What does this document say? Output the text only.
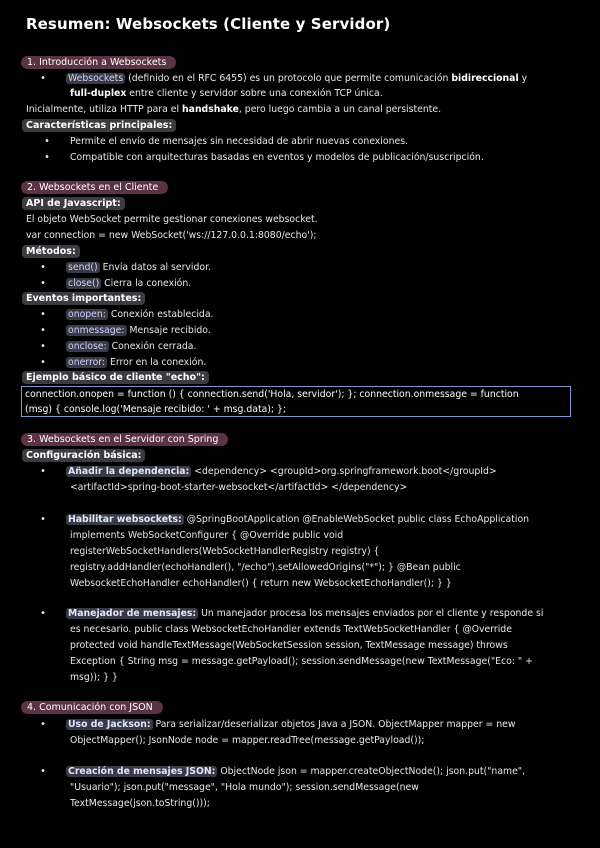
Resumen: Websockets (Cliente y Servidor)
1. Introducción a Websockets
• Websockets (definido en el RFC 6455) es un protocolo que permite comunicación bidireccional y
full-duplex entre cliente y servidor sobre una conexión TCP única.
Inicialmente, utiliza HTTP para el handshake, pero luego cambia a un canal persistente.
Características principales:
• Permite el envío de mensajes sin necesidad de abrir nuevas conexiones.
• Compatible con arquitecturas basadas en eventos y modelos de publicación/suscripción.
2. Websockets en el Cliente
API de Javascript:
El objeto WebSocket permite gestionar conexiones websocket.
var connection = new WebSocket('ws://127.0.0.1:8080/echo');
Métodos:
• send() Envía datos al servidor.
• close() Cierra la conexión.
Eventos importantes:
• onopen: Conexión establecida.
• onmessage: Mensaje recibido.
• onclose: Conexión cerrada.
• onerror: Error en la conexión.
Ejemplo básico de cliente "echo":
connection.onopen = function () { connection.send('Hola, servidor'); }; connection.onmessage = function
(msg) { console.log('Mensaje recibido: ' + msg.data); };
3. Websockets en el Servidor con Spring
Configuración básica:
• Añadir la dependencia: <dependency> <groupId>org.springframework.boot</groupId>
<artifactId>spring-boot-starter-websocket</artifactId> </dependency>
• Habilitar websockets: @SpringBootApplication @EnableWebSocket public class EchoApplication
implements WebSocketConfigurer { @Override public void
registerWebSocketHandlers(WebSocketHandlerRegistry registry) {
registry.addHandler(echoHandler(), "/echo").setAllowedOrigins("*"); } @Bean public
WebsocketEchoHandler echoHandler() { return new WebsocketEchoHandler(); } }
• Manejador de mensajes: Un manejador procesa los mensajes enviados por el cliente y responde si
es necesario. public class WebsocketEchoHandler extends TextWebSocketHandler { @Override
protected void handleTextMessage(WebSocketSession session, TextMessage message) throws
Exception { String msg = message.getPayload(); session.sendMessage(new TextMessage("Eco: " +
msg)); } }
4. Comunicación con JSON
• Uso de Jackson: Para serializar/deserializar objetos Java a JSON. ObjectMapper mapper = new
ObjectMapper(); JsonNode node = mapper.readTree(message.getPayload());
• Creación de mensajes JSON: ObjectNode json = mapper.createObjectNode(); json.put("name",
"Usuario"); json.put("message", "Hola mundo"); session.sendMessage(new
TextMessage(json.toString()));
